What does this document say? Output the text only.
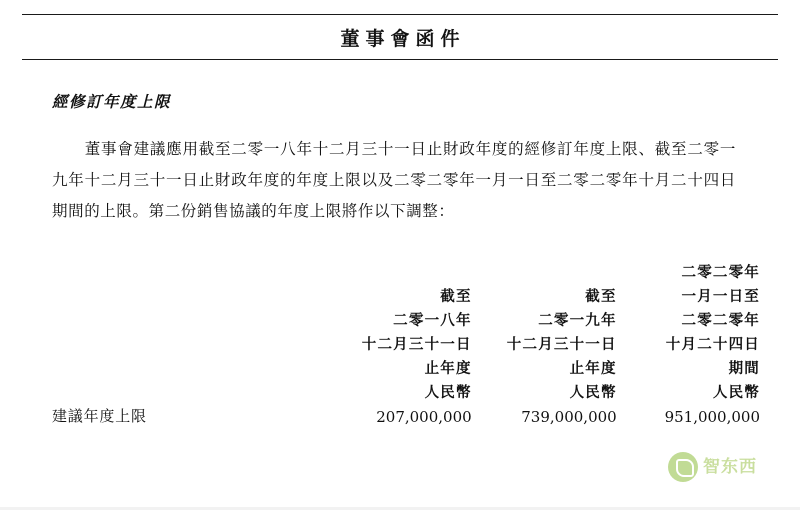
董事會函件
經修訂年度上限
董事會建議應用截至二零一八年十二月三十一日止財政年度的經修訂年度上限、截至二零一九年十二月三十一日止財政年度的年度上限以及二零二零年一月一日至二零二零年十月二十四日期間的上限。第二份銷售協議的年度上限將作以下調整：

截至
二零一八年
十二月三十一日
止年度
人民幣

截至
二零一九年
十二月三十一日
止年度
人民幣

二零二零年
一月一日至
二零二零年
十月二十四日
期間
人民幣

建議年度上限	207,000,000	739,000,000	951,000,000
智东西
